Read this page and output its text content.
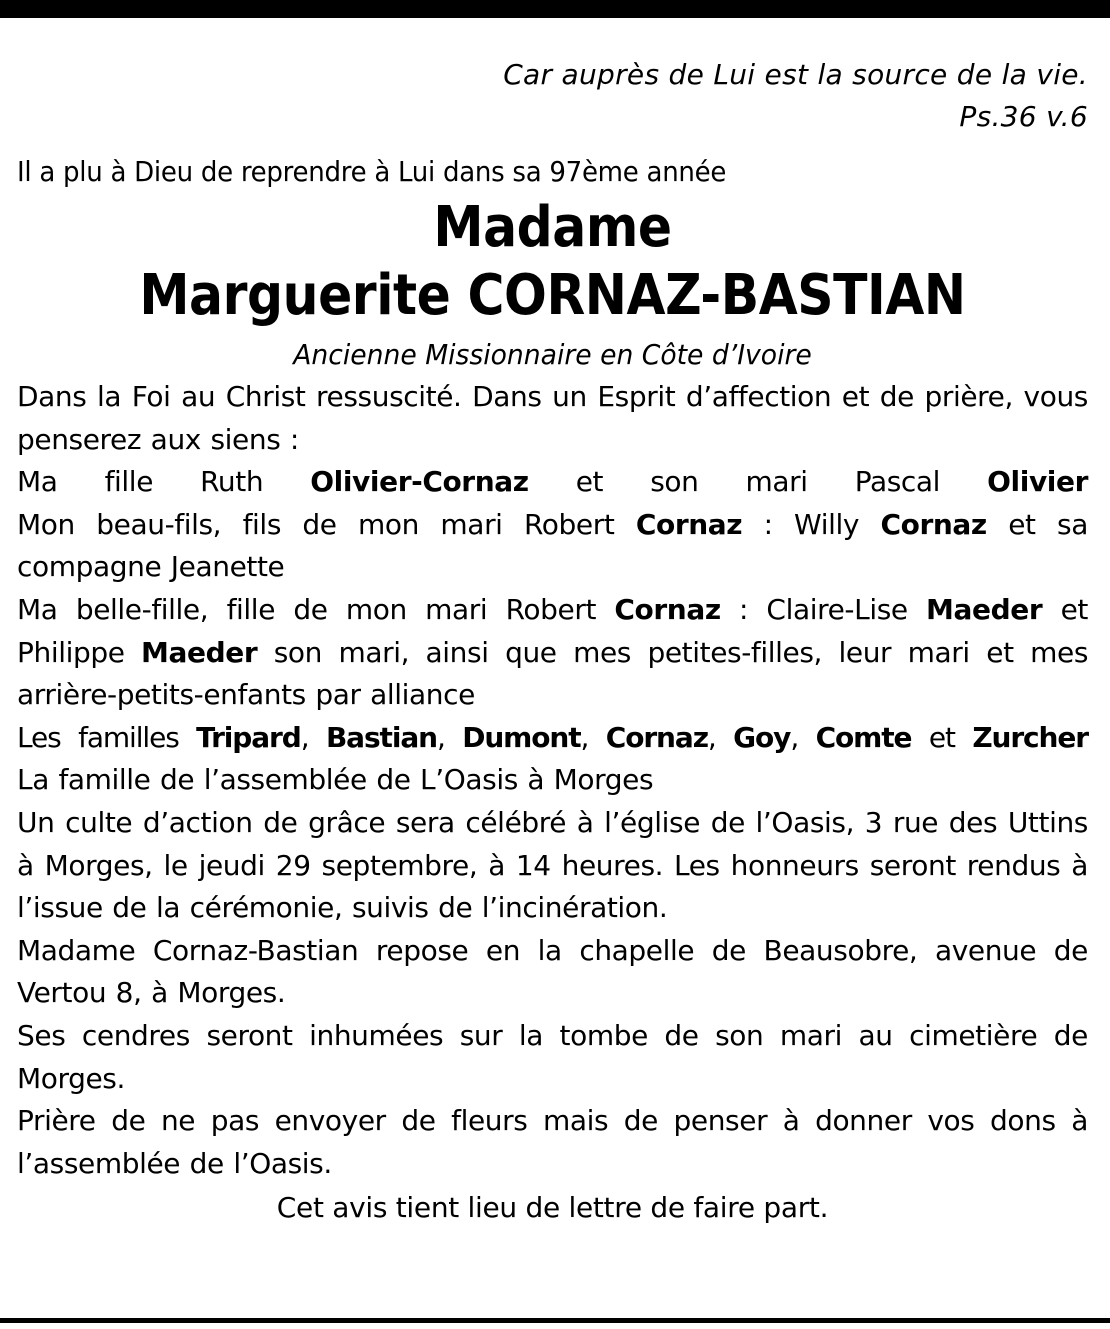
Car auprès de Lui est la source de la vie.
Ps.36 v.6
Il a plu à Dieu de reprendre à Lui dans sa 97ème année
Madame
Marguerite CORNAZ-BASTIAN
Ancienne Missionnaire en Côte d’Ivoire
Dans la Foi au Christ ressuscité. Dans un Esprit d’affection et de prière, vous penserez aux siens :
Ma fille Ruth Olivier-Cornaz et son mari Pascal Olivier
Mon beau-fils, fils de mon mari Robert Cornaz : Willy Cornaz et sa compagne Jeanette
Ma belle-fille, fille de mon mari Robert Cornaz : Claire-Lise Maeder et Philippe Maeder son mari, ainsi que mes petites-filles, leur mari et mes arrière-petits-enfants par alliance
Les familles Tripard, Bastian, Dumont, Cornaz, Goy, Comte et Zurcher
La famille de l’assemblée de L’Oasis à Morges
Un culte d’action de grâce sera célébré à l’église de l’Oasis, 3 rue des Uttins à Morges, le jeudi 29 septembre, à 14 heures. Les honneurs seront rendus à l’issue de la cérémonie, suivis de l’incinération.
Madame Cornaz-Bastian repose en la chapelle de Beausobre, avenue de Vertou 8, à Morges.
Ses cendres seront inhumées sur la tombe de son mari au cimetière de Morges.
Prière de ne pas envoyer de fleurs mais de penser à donner vos dons à l’assemblée de l’Oasis.
Cet avis tient lieu de lettre de faire part.
